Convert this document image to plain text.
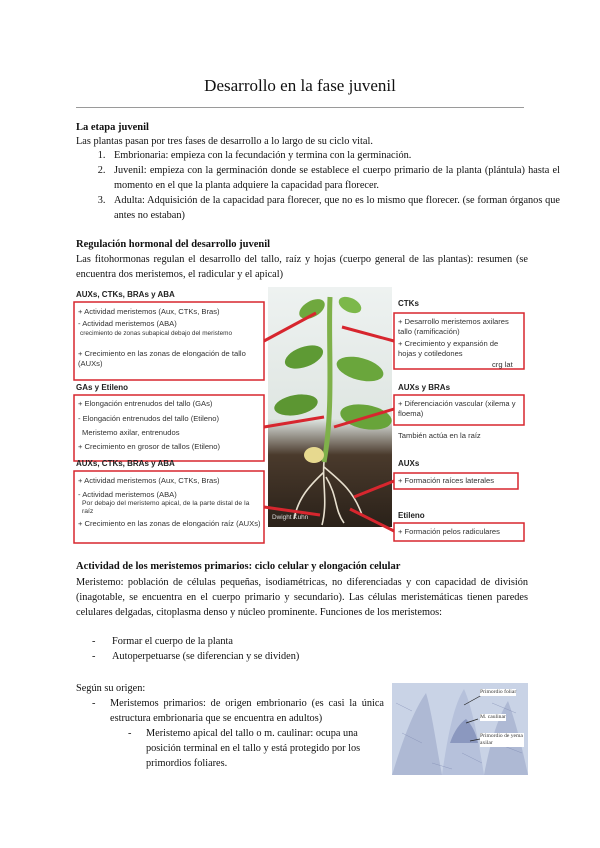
Desarrollo en la fase juvenil
La etapa juvenil
Las plantas pasan por tres fases de desarrollo a lo largo de su ciclo vital.
1. Embrionaria: empieza con la fecundación y termina con la germinación.
2. Juvenil: empieza con la germinación donde se establece el cuerpo primario de la planta (plántula) hasta el momento en el que la planta adquiere la capacidad para florecer.
3. Adulta: Adquisición de la capacidad para florecer, que no es lo mismo que florecer. (se forman órganos que antes no estaban)
Regulación hormonal del desarrollo juvenil
Las fitohormonas regulan el desarrollo del tallo, raíz y hojas (cuerpo general de las plantas): resumen (se encuentra dos meristemos, el radicular y el apical)
AUXs, CTKs, BRAs y ABA
+ Actividad meristemos (Aux, CTKs, Bras)
- Actividad meristemos (ABA)
crecimiento de zonas subapical debajo del meristemo
+ Crecimiento en las zonas de elongación de tallo (AUXs)
GAs y Etileno
+ Elongación entrenudos del tallo (GAs)
- Elongación entrenudos del tallo (Etileno)
Meristemo axilar, entrenudos
+ Crecimiento en grosor de tallos (Etileno)
AUXs, CTKs, BRAs y ABA
+ Actividad meristemos (Aux, CTKs, Bras)
- Actividad meristemos (ABA)
Por debajo del meristemo apical, de la parte distal de la raíz
+ Crecimiento en las zonas de elongación raíz (AUXs)
CTKs
+ Desarrollo meristemos axilares tallo (ramificación)
+ Crecimiento y expansión de hojas y cotiledones
crg lat
AUXs y BRAs
+ Diferenciación vascular (xilema y floema)
También actúa en la raíz
AUXs
+ Formación raíces laterales
Etileno
+ Formación pelos radiculares
Dwight Kuhn
Actividad de los meristemos primarios: ciclo celular y elongación celular
Meristemo: población de células pequeñas, isodiamétricas, no diferenciadas y con capacidad de división (inagotable, se encuentra en el cuerpo primario y secundario). Las células meristemáticas tienen paredes celulares delgadas, citoplasma denso y núcleo prominente. Funciones de los meristemos:
- Formar el cuerpo de la planta
- Autoperpetuarse (se diferencian y se dividen)
Según su origen:
- Meristemos primarios: de origen embrionario (es casi la única estructura embrionaria que se encuentra en adultos)
- Meristemo apical del tallo o m. caulinar: ocupa una posición terminal en el tallo y está protegido por los primordios foliares.
Primordio foliar
M. caulinar
Primordio de yema axilar
